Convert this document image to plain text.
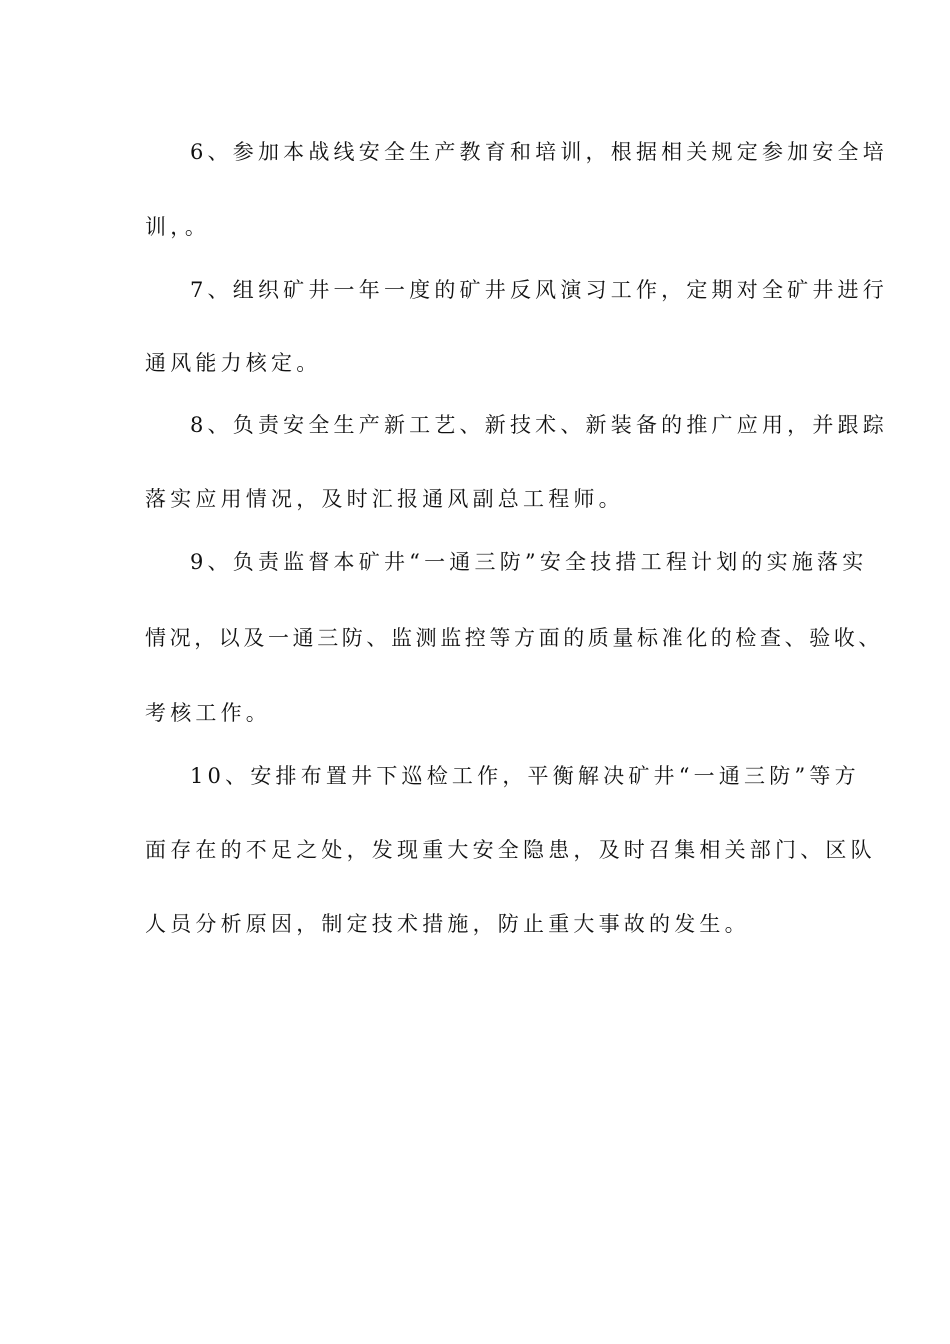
6、参加本战线安全生产教育和培训，根据相关规定参加安全培
训，。
7、组织矿井一年一度的矿井反风演习工作，定期对全矿井进行
通风能力核定。
8、负责安全生产新工艺、新技术、新装备的推广应用，并跟踪
落实应用情况，及时汇报通风副总工程师。
9、负责监督本矿井“一通三防”安全技措工程计划的实施落实
情况，以及一通三防、监测监控等方面的质量标准化的检查、验收、
考核工作。
10、安排布置井下巡检工作，平衡解决矿井“一通三防”等方
面存在的不足之处，发现重大安全隐患，及时召集相关部门、区队
人员分析原因，制定技术措施，防止重大事故的发生。
